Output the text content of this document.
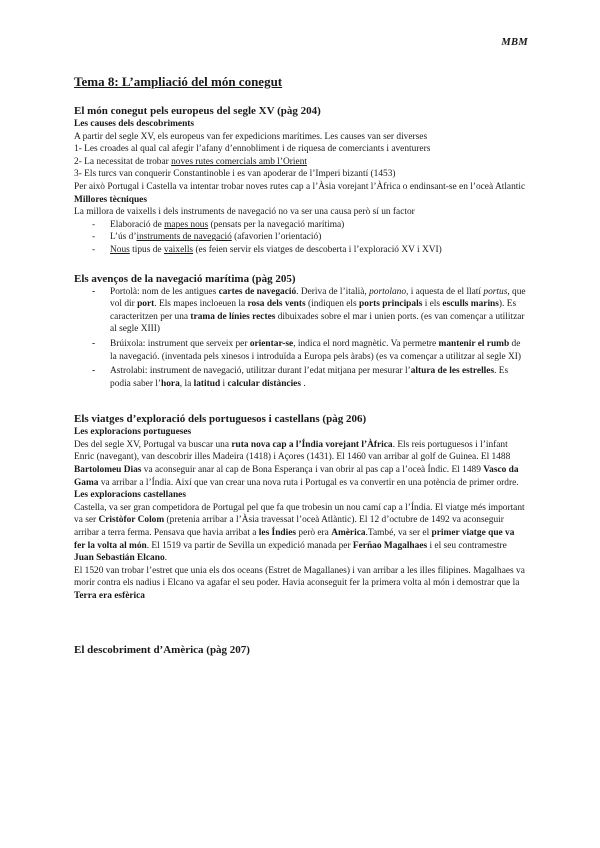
MBM
Tema 8: L’ampliació del món conegut

El món conegut pels europeus del segle XV (pàg 204)

Les causes dels descobriments

A partir del segle XV, els europeus van fer expedicions marítimes. Les causes van ser diverses

1- Les croades al qual cal afegir l’afany d’ennobliment i de riquesa de comerciants i aventurers

2- La necessitat de trobar noves rutes comercials amb l’Orient

3- Els turcs van conquerir Constantinoble i es van apoderar de l’Imperi bizantí (1453)

Per això Portugal i Castella va intentar trobar noves rutes cap a l’Àsia vorejant l’Àfrica o endinsant-se en l’oceà Atlantic

Millores tècniques

La millora de vaixells i dels instruments de navegació no va ser una causa però sí un factor

- Elaboració de mapes nous (pensats per la navegació marítima)
- L’ús d’instruments de navegació (afavorien l’orientació)
- Nous tipus de vaixells (es feien servir els viatges de descoberta i l’exploració XV i XVI)

Els avenços de la navegació marítima (pàg 205)

- Portolà: nom de les antigues cartes de navegació. Deriva de l’italià, portolano, i aquesta de el llatí portus, que vol dir port. Els mapes incloeuen la rosa dels vents (indiquen els ports principals i els esculls marins). Es caracteritzen per una trama de línies rectes dibuixades sobre el mar i unien ports. (es van començar a utilitzar al segle XIII)
- Brúixola: instrument que serveix per orientar-se, indica el nord magnètic. Va permetre mantenir el rumb de la navegació. (inventada pels xinesos i introduïda a Europa pels àrabs) (es va començar a utilitzar al segle XI)
- Astrolabi: instrument de navegació, utilitzar durant l’edat mitjana per mesurar l’altura de les estrelles. Es podia saber l’hora, la latitud i calcular distàncies .

Els viatges d’exploració dels portuguesos i castellans (pàg 206)

Les exploracions portugueses

Des del segle XV, Portugal va buscar una ruta nova cap a l’Índia vorejant l’Àfrica. Els reis portuguesos i l’infant Enric (navegant), van descobrir illes Madeira (1418) i Açores (1431). El 1460 van arribar al golf de Guinea. El 1488 Bartolomeu Dias va aconseguir anar al cap de Bona Esperança i van obrir al pas cap a l’oceà Índic. El 1489 Vasco da Gama va arribar a l’Índia. Així que van crear una nova ruta i Portugal es va convertir en una potència de primer ordre.

Les exploracions castellanes

Castella, va ser gran competidora de Portugal pel que fa que trobesin un nou camí cap a l’Índia. El viatge més important va ser Cristòfor Colom (pretenia arribar a l’Àsia travessat l’oceà Atlàntic). El 12 d’octubre de 1492 va aconseguir arribar a terra ferma. Pensava que havia arribat a les Índies però era Amèrica.També, va ser el primer viatge que va fer la volta al món. El 1519 va partir de Sevilla un expedició manada per Ferñao Magalhaes i el seu contramestre Juan Sebastián Elcano.

El 1520 van trobar l’estret que unia els dos oceans (Estret de Magallanes) i van arribar a les illes filipines. Magalhaes va morir contra els nadius i Elcano va agafar el seu poder. Havia aconseguit fer la primera volta al món i demostrar que la Terra era esfèrica

El descobriment d’Amèrica (pàg 207)
